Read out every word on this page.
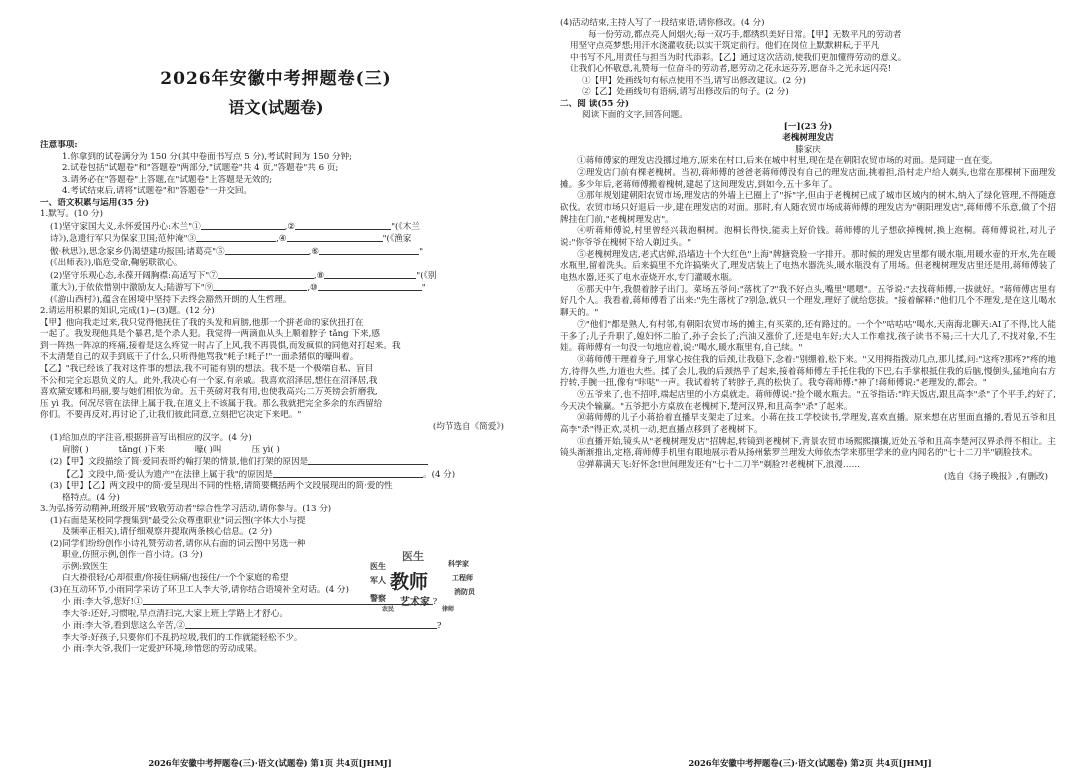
2026年安徽中考押题卷(三)
语文(试题卷)
注意事项:
1.你拿到的试卷满分为 150 分(其中卷面书写点 5 分),考试时间为 150 分钟;
2.试卷包括"试题卷"和"答题卷"两部分,"试题卷"共 4 页,"答题卷"共 6 页;
3.请务必在"答题卷"上答题,在"试题卷"上答题是无效的;
4.考试结束后,请将"试题卷"和"答题卷"一并交回。
一、语文积累与运用(35 分)
1.默写。(10 分)
(1)坚守家国大义,永怀爱国丹心:木兰"①	,②	"(《木兰
诗》),急遗行军只为保家卫国;范仲淹"③	,④	"(《渔家
傲·秋思》),思念家乡仍渴望建功报国;诸葛亮"⑤	,⑥	"
(《出师表》),临危受命,鞠躬联欲心。
(2)坚守乐观心态,永葆开阔胸襟:高适写下"⑦	,⑧	"(《别
董大》),于依依惜别中激励友人;陆游写下"⑨	,⑩	"
(《游山西村》),蕴含在困境中坚持下去终会豁然开朗的人生哲理。
2.请运用积累的知识,完成(1)~(3)题。(12 分)
【甲】他向我走过来,我只觉得他抚住了我的头发和肩膀,他那一个拼老命的家伙扭打在
一起了。我发现他具是个暴君,是个杀人犯。我觉得一两滴血从头上顺着脖子 tǎng 下来,感
到一阵热一阵凉的疼痛,接着是这么疼觉一时占了上风,我不再畏惧,而发疯似的同他对打起来。我
不太清楚自己的双手到底干了什么,只听得他骂我"耗子!耗子!"一面杀猪似的嚎叫着。
【乙】"我已经该了我对这件事的想法,我不可能有别的想法。我不是一个极端自私、盲目
不公和完全忘恩负义的人。此外,我决心有一个家,有亲戚。我喜欢沼泽居,想住在沼泽居,我
喜欢黛安娜和玛丽,要与她们相依为命。五千英磅对我有用,也使我高兴;二万英镑会折磨我,
压 yì 我。何况尽管在法律上属于我,在道义上不该属于我。那么我就把完全多余的东西留给
你们。不要再反对,再讨论了,让我们彼此同意,立刻把它决定下来吧。"
(均节选自《简爱》)
(1)给加点的字注音,根据拼音写出相应的汉字。(4 分)
肩膀( )	tǎng( )下来	嚎( )叫	压 yì( )
(2)【甲】文段描绘了简·爱同表哥约翰打架的情景,他们打架的原因是
【乙】文段中,简·爱认为遗产"在法律上属于我"的原因是	。(4 分)
(3)【甲】【乙】两文段中的简·爱呈现出不同的性格,请简要概括两个文段展现出的简·爱的性
格特点。(4 分)
3.为弘扬劳动精神,班级开展"致敬劳动者"综合性学习活动,请你参与。(13 分)
(1)右面是某校同学搜集到"最受公众尊重职业"词云图(字体大小与提
及频率正相关),请仔细观察并提取两条核心信息。(2 分)
(2)同学们纷纷创作小诗礼赞劳动者,请你从右面的词云图中另选一种
职业,仿照示例,创作一首小诗。(3 分)
示例:致医生
白大褂很轻/心却很重/你接住病痛/也接住/一个个家庭的希望
(3)在互动环节,小雨同学采访了环卫工人李大爷,请你结合语境补全对话。(4 分)
小 雨:李大爷,您好!①	?
李大爷:还好,习惯啦,早点清扫完,大家上班上学路上才舒心。
小 雨:李大爷,看到您这么辛苦,②	?
李大爷:好孩子,只要你们不乱扔垃圾,我们的工作就能轻松不少。
小 雨:李大爷,我们一定爱护环境,珍惜您的劳动成果。
2026年安徽中考押题卷(三)·语文(试题卷) 第1页 共4页[JHMJ]
医生
医生	科学家
军人 教师	工程师
警察
消防员
艺术家
农民	律师
(4)活动结束,主持人写了一段结束语,请你修改。(4 分)
每一份劳动,都点亮人间烟火;每一双巧手,都绣织美好日常。【甲】无数平凡的劳动者
用坚守点亮梦想;用汗水浇灌收获;以实干筑定前行。他们在岗位上默默耕耘,于平凡
中书写不凡,用责任与担当为时代添彩。【乙】通过这次活动,使我们更加懂得劳动的意义。
让我们心怀敬意,礼赞每一位奋斗的劳动者,愿劳动之花永远芬芳,愿奋斗之光永远闪亮!
①【甲】处画线句有标点使用不当,请写出修改建议。(2 分)
②【乙】处画线句有语病,请写出修改后的句子。(2 分)
二、阅 读(55 分)
阅读下面的文字,回答问题。
[一](23 分)
老槐树理发店
滕家庆
①蒋师傅家的理发店没挪过地方,原来在村口,后来在城中村里,现在是在朝阳农贸市场的对面。是同建一直在变。
②理发店门前有棵老槐树。当初,蒋师傅的爸爸老蒋师傅没有自己的理发店面,挑着担,沿村走户给人剃头,也常在那棵树下面理发摊。多少年后,老蒋师傅搬着槐树,建起了这间理发店,到如今,五十多年了。
③那年规划建朝阳农贸市场,理发店的外墙上已圈上了"拆"字,但由于老槐树已成了城市区域内的树木,纳入了绿化管理,不得随意砍伐。农贸市场只好退后一步,建在理发店的对面。那时,有人随农贸市场成蒋师傅的理发店为"朝阳理发店",蒋师傅不乐意,做了个招牌挂在门前,"老槐树理发店"。
④听蒋师傅说,村里曾经兴栽泡桐树。泡桐长得快,能卖上好价钱。蒋师傅的儿子想砍掉槐树,换上泡桐。蒋师傅说社,对儿子说:"你爷爷在槐树下给人剃过头。"
⑤老槐树理发店,老式店鲜,沿墙边十个大红色"上海"牌搪瓷脸一字排开。那时候的理发店里都有暖水瓶,用暖水壶的开水,先在暖水瓶里,留着洗头。后来搞里不允许搞柴火了,理发店装上了电热水器洗头,暖水瓶没有了用场。但老槐树理发店里还是用,蒋师傅装了电热水器,还买了电水壶烧开水,专门灌暖水瓶。
⑥那天中午,我偎着脖子出门。菜场五爷问:"落枕了?"我不好点头,嘴里"嗯嗯"。五爷说:"去找蒋师傅,一拔就好。"蒋师傅店里有好几个人。我看着,蒋师傅看了出来:"先生落枕了?别急,就只一个理发,理好了就给您拔。"接着解释:"他们几个不理发,是在这儿喝水聊天的。"
⑦"他们"都是熟人,有村邻,有朝阳农贸市场的摊主,有买菜的,还有路过的。一个个"咕咕咕"喝水,天南海北聊天:AI了不得,比人能干多了;儿子升职了,媳妇怀二胎了,孙子会长了;汽油又涨价了,还是电车好;大人工作难找,孩子读书不易;三十大几了,不找对象,不生娃。蒋师傅有一句没一句地应着,说:"喝水,暖水瓶里有,自己续。"
⑧蒋师傅干理着身子,用掌心按住我的后颈,让我稳下,念着:"别绷着,松下来。"又用拇指拨动几点,那儿揉,问:"这疼?那疼?"疼的地方,待得久些,力道也大些。揉了会儿,我的后颈热乎了起来,接着蒋师傅左手托住我的下巴,右手掌根抵住我的后脑,慢倒头,猛地向右方拧转,手腕一扭,像有"咔哒"一声。我试着转了转脖子,真的松快了。我夸蒋师傅:"神了!蒋师傅说:"老理发的,都会。"
⑨五爷来了,也不招呼,端起店里的小方桌就走。蒋师傅说:"捡个暖水瓶去。"五爷指话:"昨天饭店,跟且高李"杀"了个平手,约好了,今天决个输赢。"五爷把小方桌放在老槐树下,楚河汉界,和且高李"杀"了起来。
⑩蒋师傅的儿子小蒋拾着直播早支架走了过来。小蒋在技工学校读书,学理发,喜欢直播。原来想在店里面直播的,看见五爷和且高李"杀"得正欢,灵机一动,把直播点移到了老槐树下。
⑪直播开始,镜头从"老槐树理发店"招牌起,转镜到老槐树下,背景农贸市场熙熙攘攘,近处五爷和且高李楚河汉界杀得不相让。主镜头渐渐推出,定格,蒋师傅手机里有眼地展示看从扬州紫罗兰理发大师依杰学来那里学来的业内闻名的"七十二刀半"刷脸技术。
⑫弹幕满天飞:好怀念!世间理发还有"七十二刀半"剃脸?!老槐树下,浪漫……
(选自《扬子晚报》,有删改)
2026年安徽中考押题卷(三)·语文(试题卷) 第2页 共4页[JHMJ]
